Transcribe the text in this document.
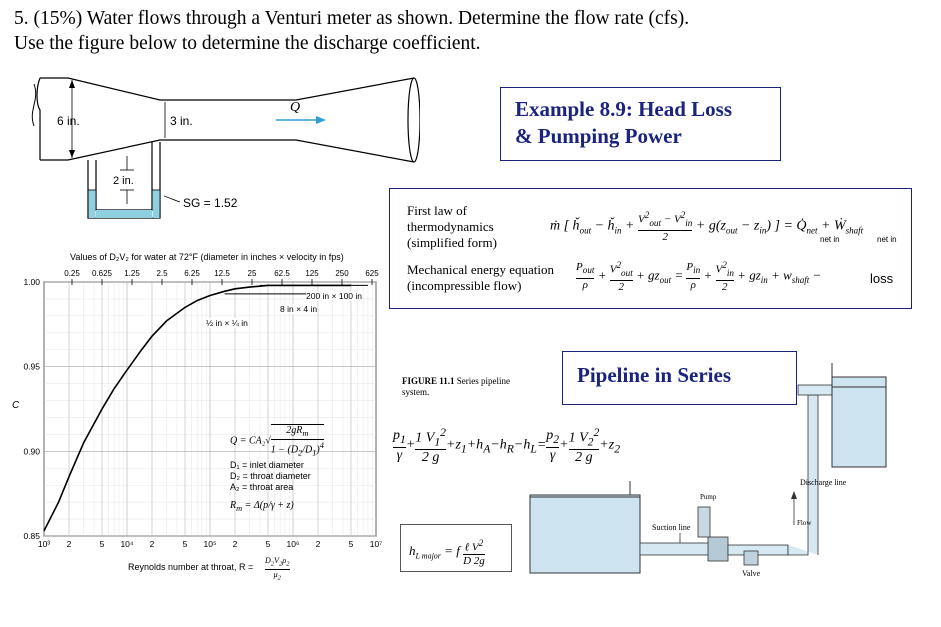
5. (15%) Water flows through a Venturi meter as shown. Determine the flow rate (cfs).
Use the figure below to determine the discharge coefficient.
6 in.	3 in.
Q
2 in.
SG = 1.52
Example 8.9: Head Loss
& Pumping Power
First law of
thermodynamics
(simplified form)
Mechanical energy equation
(incompressible flow)
ṁ [ $ȟ_{out}$ − $ȟ_{in} + V^2_{out} - V^2_{in}$
2
+ $g(z_{out} - z_{in})$ ] = $Q̇_{net}$ + Ẇ$_{shaft}$
net in	net in
$P_{out}$
ρ
+ $V^2_{out}$
2
+ $gz_{out}$ =
$P_{in}$
ρ
+ $\frac{V^2_{in}}{2} + gz_{in} + w_{shaft}$ −	loss
Pipeline in Series
FIGURE 11.1 Series pipeline
system.
$\frac{p_1}{\gamma} + \frac{1 V_1^2}{2 g} +z_1+h_A-h_R-h_L= \frac{p_2}{\gamma} + \frac{1 V_2^2}{2 g} +z_2$
$h_{L major} = f$ ℓ $V^2$
D 2g
Pump
Suction line
Discharge line
Flow
Valve
Values of D₂V₂ for water at 72°F (diameter in inches × velocity in fps)
C
10³ 2	5 10⁴ 2	5 10⁵ 2	5 10⁶ 2	5 10⁷
0.85
0.90
0.95
1.00
0.25 0.625 1.25 2.5 6.25 12.5 25 62.5 125 250 625
Reynolds number at throat, R =
$D_2V_2\rho_2$
$\mu_2$
Q = CA₂√
$2gR_m$
$1 - (D_2/D_1)^4$
D₁ = inlet diameter
D₂ = throat diameter
A₂ = throat area
$R_m = \Delta(p/\gamma + z)$
200 in × 100 in
8 in × 4 in
½ in × ¼ in
